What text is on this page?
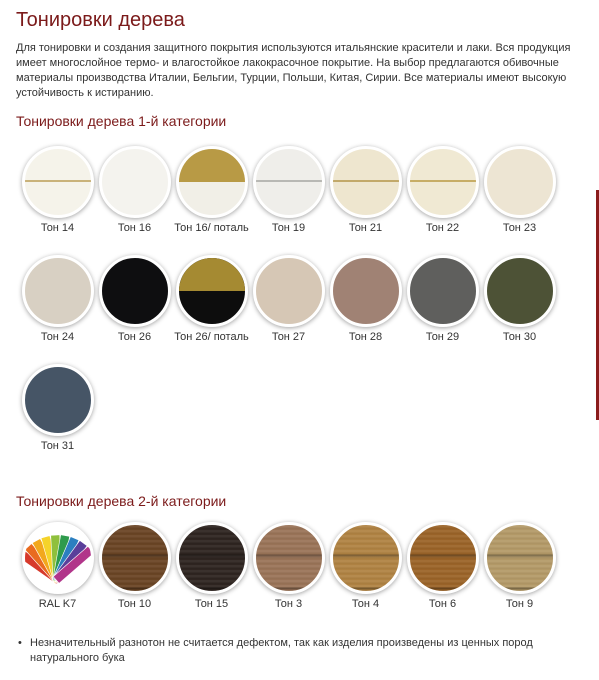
Тонировки дерева

Для тонировки и создания защитного покрытия используются итальянские красители и лаки. Вся продукция имеет многослойное термо- и влагостойкое лакокрасочное покрытие. На выбор предлагаются обивочные материалы производства Италии, Бельгии, Турции, Польши, Китая, Сирии. Все материалы имеют высокую устойчивость к истиранию.

Тонировки дерева 1-й категории
Тон 14	Тон 16	Тон 16/ поталь	Тон 19	Тон 21	Тон 22	Тон 23
Тон 24	Тон 26	Тон 26/ поталь	Тон 27	Тон 28	Тон 29	Тон 30
Тон 31
Тонировки дерева 2-й категории
RAL K7	Тон 10	Тон 15	Тон 3	Тон 4	Тон 6	Тон 9
• Незначительный разнотон не считается дефектом, так как изделия произведены из ценных пород натурального бука
